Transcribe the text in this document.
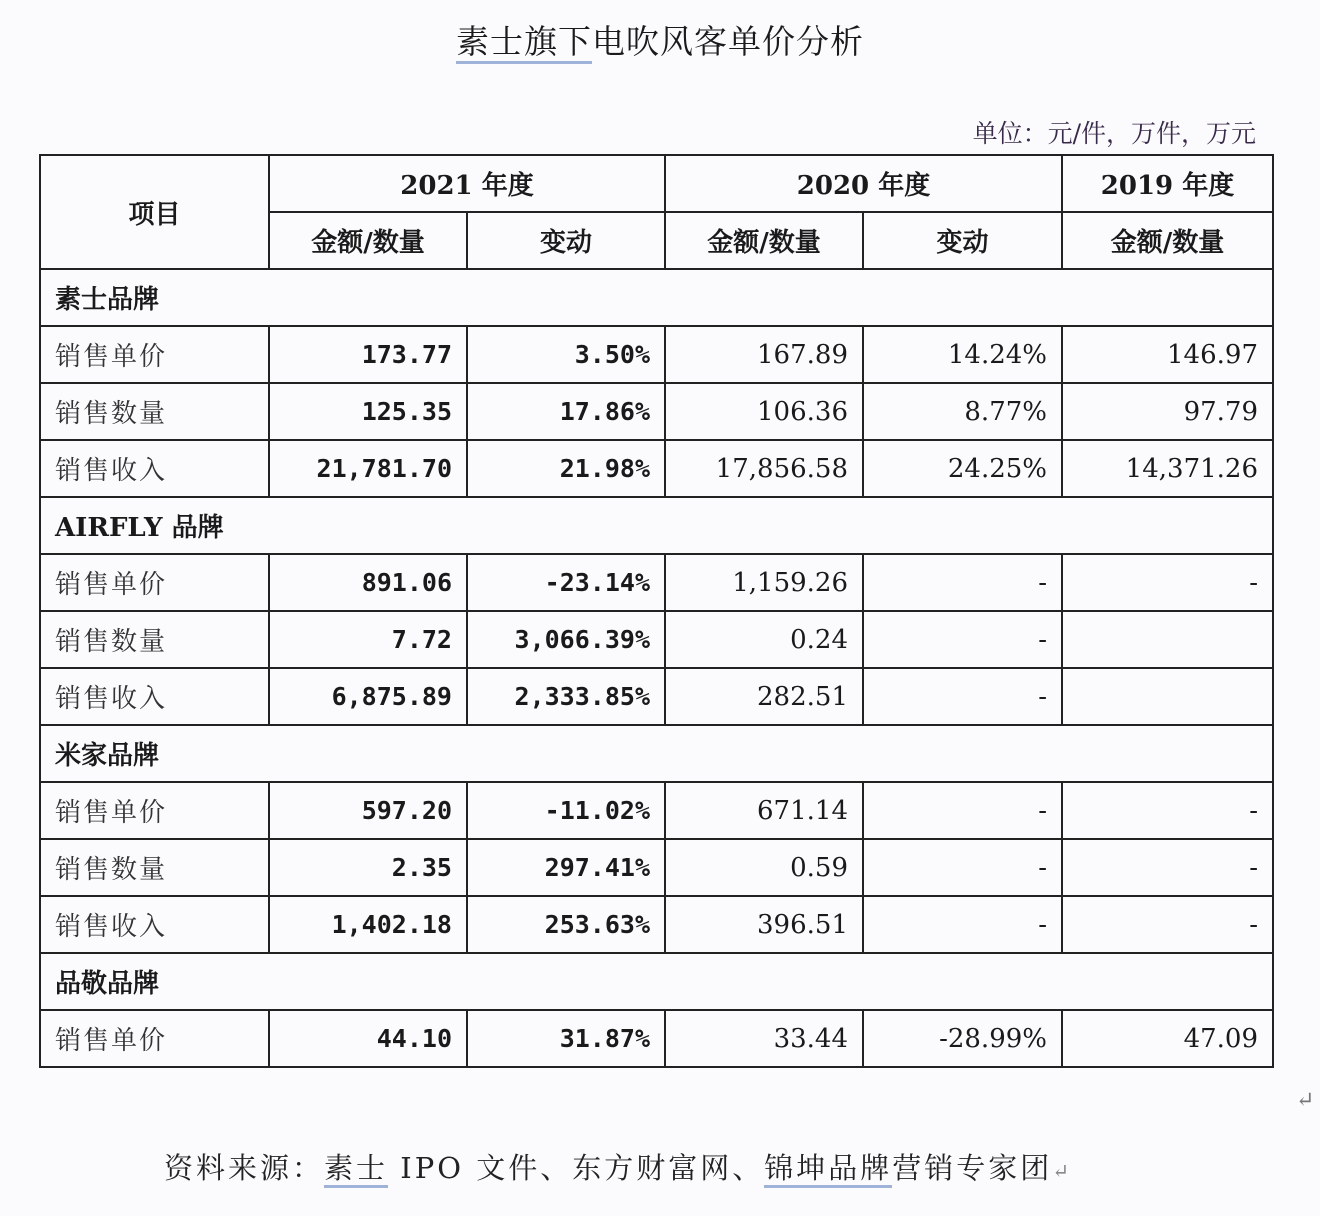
素士旗下电吹风客单价分析
单位：元/件，万件，万元
项目	2021 年度		2020 年度		2019 年度
	金额/数量	变动	金额/数量	变动	金额/数量
素士品牌					
销售单价	173.77	3.50%	167.89	14.24%	146.97
销售数量	125.35	17.86%	106.36	8.77%	97.79
销售收入	21,781.70	21.98%	17,856.58	24.25%	14,371.26
AIRFLY 品牌					
销售单价	891.06	-23.14%	1,159.26	-	-
销售数量	7.72	3,066.39%	0.24	-	
销售收入	6,875.89	2,333.85%	282.51	-	
米家品牌					
销售单价	597.20	-11.02%	671.14	-	-
销售数量	2.35	297.41%	0.59	-	-
销售收入	1,402.18	253.63%	396.51	-	-
品敬品牌					
销售单价	44.10	31.87%	33.44	-28.99%	47.09
资料来源：素士 IPO 文件、东方财富网、锦坤品牌营销专家团↵
↵
